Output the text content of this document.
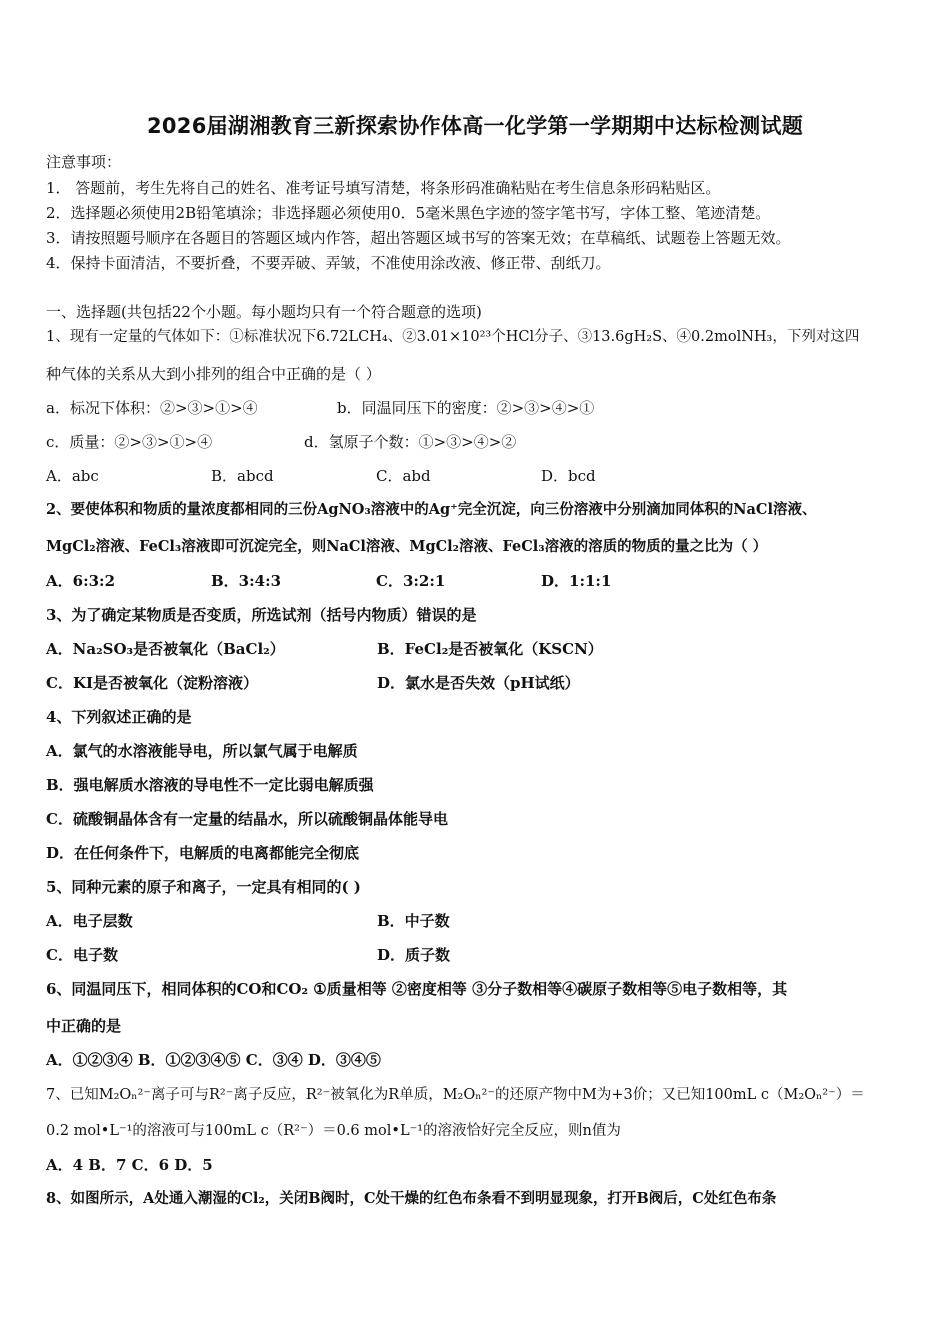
2026届湖湘教育三新探索协作体高一化学第一学期期中达标检测试题
注意事项：
1． 答题前，考生先将自己的姓名、准考证号填写清楚，将条形码准确粘贴在考生信息条形码粘贴区。
2．选择题必须使用2B铅笔填涂；非选择题必须使用0．5毫米黑色字迹的签字笔书写，字体工整、笔迹清楚。
3．请按照题号顺序在各题目的答题区域内作答，超出答题区域书写的答案无效；在草稿纸、试题卷上答题无效。
4．保持卡面清洁，不要折叠，不要弄破、弄皱，不准使用涂改液、修正带、刮纸刀。
一、选择题(共包括22个小题。每小题均只有一个符合题意的选项)
1、现有一定量的气体如下：①标准状况下6.72LCH₄、②3.01×10²³个HCl分子、③13.6gH₂S、④0.2molNH₃，下列对这四
种气体的关系从大到小排列的组合中正确的是（ ）
a．标况下体积：②>③>①>④	b．同温同压下的密度：②>③>④>①
c．质量：②>③>①>④	d．氢原子个数：①>③>④>②
A．abc	B．abcd	C．abd	D．bcd
2、要使体积和物质的量浓度都相同的三份AgNO₃溶液中的Ag⁺完全沉淀，向三份溶液中分别滴加同体积的NaCl溶液、
MgCl₂溶液、FeCl₃溶液即可沉淀完全，则NaCl溶液、MgCl₂溶液、FeCl₃溶液的溶质的物质的量之比为（ ）
A．6:3:2	B．3:4:3	C．3:2:1	D．1:1:1
3、为了确定某物质是否变质，所选试剂（括号内物质）错误的是
A．Na₂SO₃是否被氧化（BaCl₂）	B．FeCl₂是否被氧化（KSCN）
C．KI是否被氧化（淀粉溶液）	D．氯水是否失效（pH试纸）
4、下列叙述正确的是
A．氯气的水溶液能导电，所以氯气属于电解质
B．强电解质水溶液的导电性不一定比弱电解质强
C．硫酸铜晶体含有一定量的结晶水，所以硫酸铜晶体能导电
D．在任何条件下，电解质的电离都能完全彻底
5、同种元素的原子和离子，一定具有相同的( )
A．电子层数	B．中子数
C．电子数	D．质子数
6、同温同压下，相同体积的CO和CO₂ ①质量相等 ②密度相等 ③分子数相等④碳原子数相等⑤电子数相等，其
中正确的是
A．①②③④ B．①②③④⑤ C．③④ D．③④⑤
7、已知M₂Oₙ²⁻离子可与R²⁻离子反应，R²⁻被氧化为R单质，M₂Oₙ²⁻的还原产物中M为+3价；又已知100mL c（M₂Oₙ²⁻）＝
0.2 mol•L⁻¹的溶液可与100mL c（R²⁻）＝0.6 mol•L⁻¹的溶液恰好完全反应，则n值为
A．4 B．7 C．6 D．5
8、如图所示，A处通入潮湿的Cl₂，关闭B阀时，C处干燥的红色布条看不到明显现象，打开B阀后，C处红色布条
